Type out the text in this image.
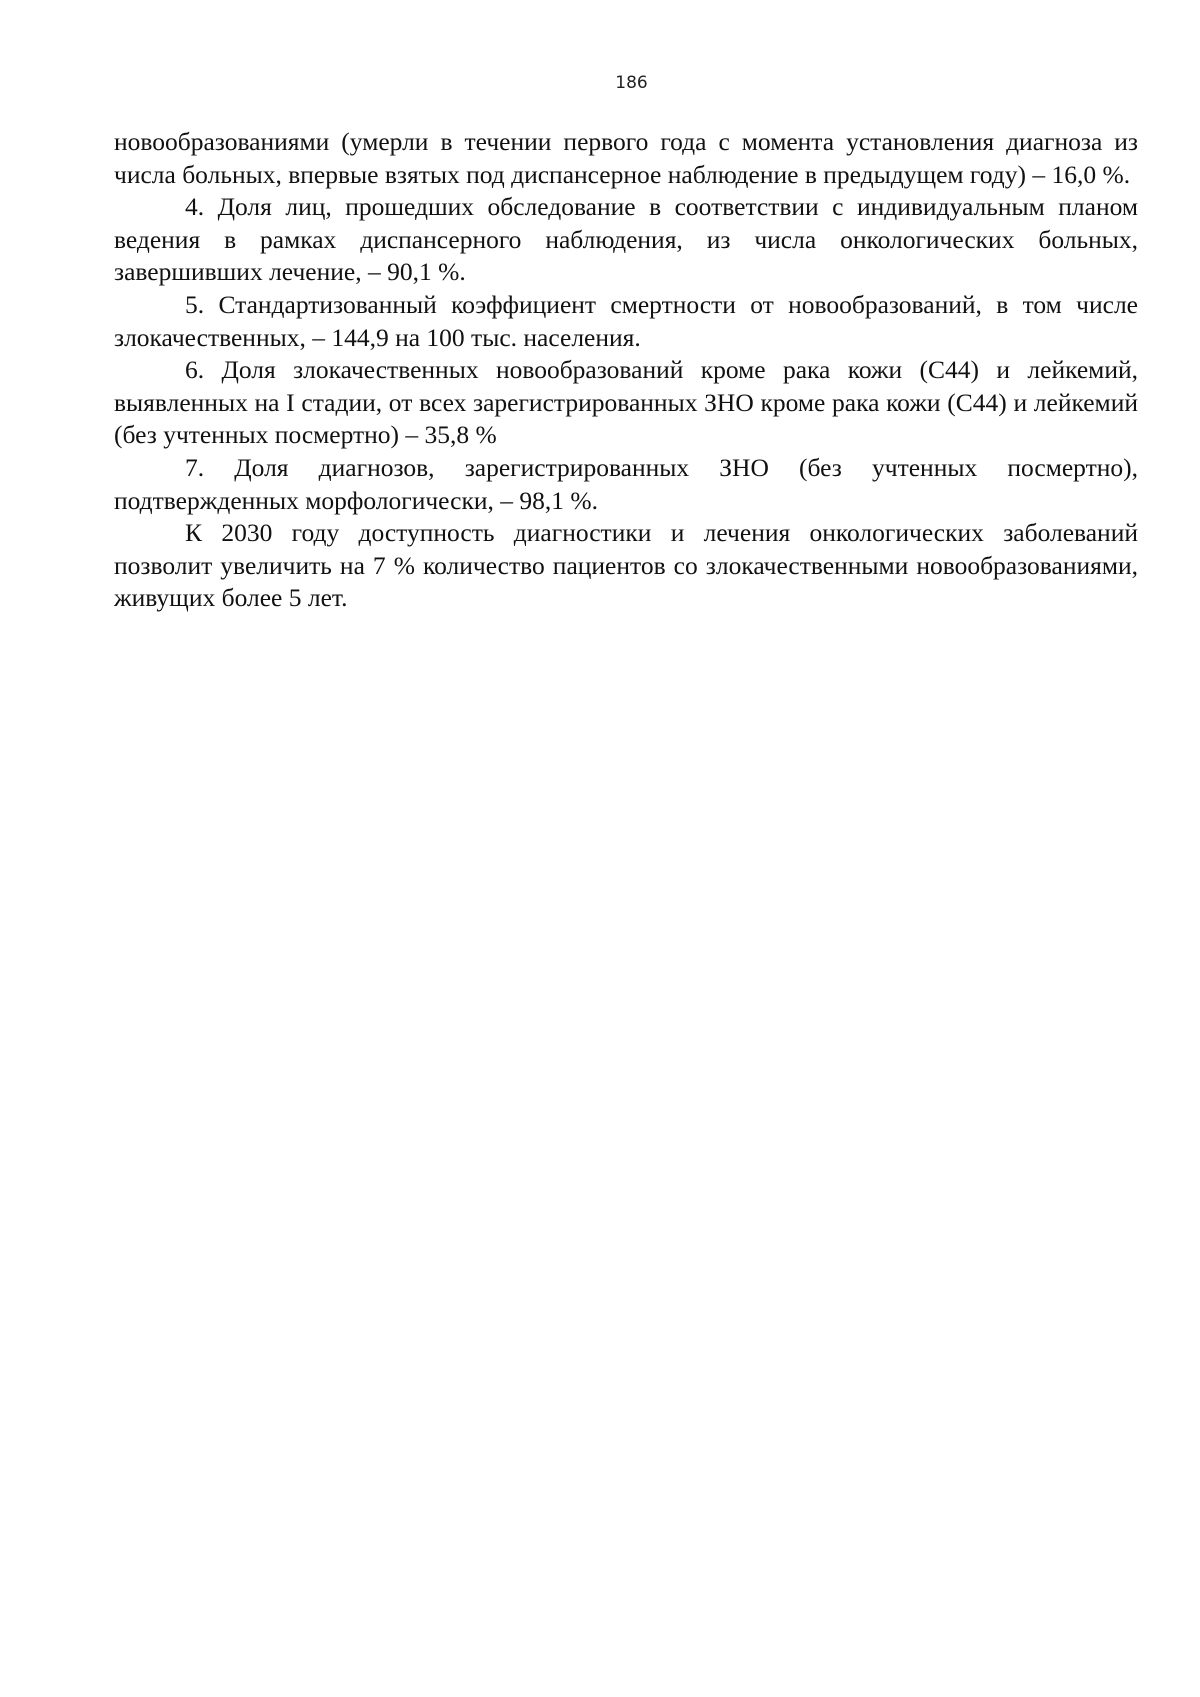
186

новообразованиями (умерли в течении первого года с момента установления диагноза из числа больных, впервые взятых под диспансерное наблюдение в предыдущем году) – 16,0 %.

4. Доля лиц, прошедших обследование в соответствии с индивидуальным планом ведения в рамках диспансерного наблюдения, из числа онкологических больных, завершивших лечение, – 90,1 %.

5. Стандартизованный коэффициент смертности от новообразований, в том числе злокачественных, – 144,9 на 100 тыс. населения.

6. Доля злокачественных новообразований кроме рака кожи (С44) и лейкемий, выявленных на I стадии, от всех зарегистрированных ЗНО кроме рака кожи (С44) и лейкемий (без учтенных посмертно) – 35,8 %

7. Доля диагнозов, зарегистрированных ЗНО (без учтенных посмертно), подтвержденных морфологически, – 98,1 %.

К 2030 году доступность диагностики и лечения онкологических заболеваний позволит увеличить на 7 % количество пациентов со злокачественными новообразованиями, живущих более 5 лет.
